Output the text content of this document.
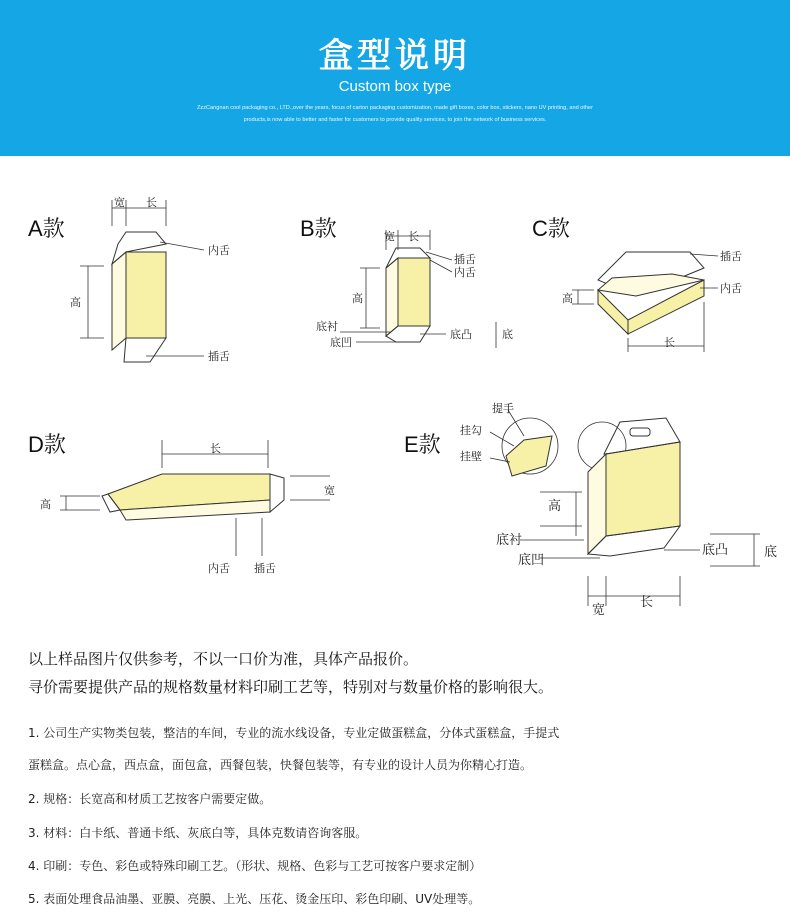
盒型说明
Custom box type
ZzzCangnan cool packaging co., LTD.,over the years, focus of carton packaging customization, made gift boxes, color box, stickers, nano UV printing, and other products,is now able to better and faster for customers to provide quality services, to join the network of business services.
A款	B款	C款
D款	E款
宽 长
高
内舌
插舌
宽 长
高
插舌
内舌
底衬
底凹
底凸	底
插舌
内舌
高
长
长
高
宽
内舌 插舌
提手
挂勾
挂壁
高
底衬
底凹
底凸	底
宽
长
以上样品图片仅供参考，不以一口价为准，具体产品报价。
寻价需要提供产品的规格数量材料印刷工艺等，特别对与数量价格的影响很大。
1. 公司生产实物类包装，整洁的车间，专业的流水线设备，专业定做蛋糕盒，分体式蛋糕盒，手提式
蛋糕盒。点心盒，西点盒，面包盒，西餐包装，快餐包装等，有专业的设计人员为你精心打造。
2. 规格：长宽高和材质工艺按客户需要定做。
3. 材料：白卡纸、普通卡纸、灰底白等，具体克数请咨询客服。
4. 印刷：专色、彩色或特殊印刷工艺。（形状、规格、色彩与工艺可按客户要求定制）
5. 表面处理食品油墨、亚膜、亮膜、上光、压花、烫金压印、彩色印刷、UV处理等。
